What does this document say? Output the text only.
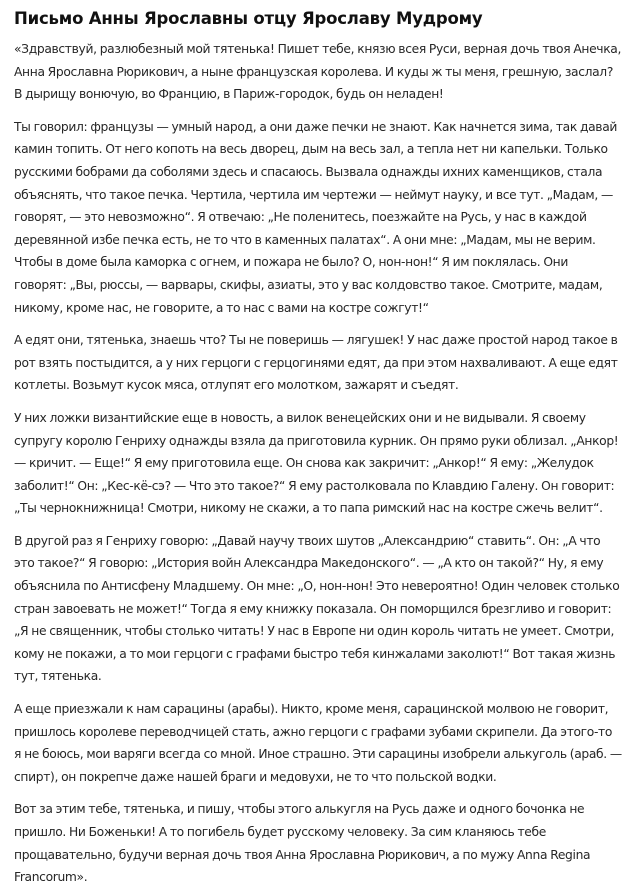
Письмо Анны Ярославны отцу Ярославу Мудрому

«Здравствуй, разлюбезный мой тятенька! Пишет тебе, князю всея Руси, верная дочь твоя Анечка, Анна Ярославна Рюрикович, а ныне французская королева. И куды ж ты меня, грешную, заслал? В дырищу вонючую, во Францию, в Париж-городок, будь он неладен!

Ты говорил: французы — умный народ, а они даже печки не знают. Как начнется зима, так давай камин топить. От него копоть на весь дворец, дым на весь зал, а тепла нет ни капельки. Только русскими бобрами да соболями здесь и спасаюсь. Вызвала однажды ихних каменщиков, стала объяснять, что такое печка. Чертила, чертила им чертежи — неймут науку, и все тут. „Мадам, — говорят, — это невозможно“. Я отвечаю: „Не поленитесь, поезжайте на Русь, у нас в каждой деревянной избе печка есть, не то что в каменных палатах“. А они мне: „Мадам, мы не верим. Чтобы в доме была каморка с огнем, и пожара не было? О, нон-нон!“ Я им поклялась. Они говорят: „Вы, рюссы, — варвары, скифы, азиаты, это у вас колдовство такое. Смотрите, мадам, никому, кроме нас, не говорите, а то нас с вами на костре сожгут!“

А едят они, тятенька, знаешь что? Ты не поверишь — лягушек! У нас даже простой народ такое в рот взять постыдится, а у них герцоги с герцогинями едят, да при этом нахваливают. А еще едят котлеты. Возьмут кусок мяса, отлупят его молотком, зажарят и съедят.

У них ложки византийские еще в новость, а вилок венецейских они и не видывали. Я своему супругу королю Генриху однажды взяла да приготовила курник. Он прямо руки облизал. „Анкор! — кричит. — Еще!“ Я ему приготовила еще. Он снова как закричит: „Анкор!“ Я ему: „Желудок заболит!“ Он: „Кес-кё-сэ? — Что это такое?“ Я ему растолковала по Клавдию Галену. Он говорит: „Ты чернокнижница! Смотри, никому не скажи, а то папа римский нас на костре сжечь велит“.

В другой раз я Генриху говорю: „Давай научу твоих шутов „Александрию“ ставить“. Он: „А что это такое?“ Я говорю: „История войн Александра Македонского“. — „А кто он такой?“ Ну, я ему объяснила по Антисфену Младшему. Он мне: „О, нон-нон! Это невероятно! Один человек столько стран завоевать не может!“ Тогда я ему книжку показала. Он поморщился брезгливо и говорит: „Я не священник, чтобы столько читать! У нас в Европе ни один король читать не умеет. Смотри, кому не покажи, а то мои герцоги с графами быстро тебя кинжалами заколют!“ Вот такая жизнь тут, тятенька.

А еще приезжали к нам сарацины (арабы). Никто, кроме меня, сарацинской молвою не говорит, пришлось королеве переводчицей стать, ажно герцоги с графами зубами скрипели. Да этого-то я не боюсь, мои варяги всегда со мной. Иное страшно. Эти сарацины изобрели алькуголь (араб. — спирт), он покрепче даже нашей браги и медовухи, не то что польской водки.

Вот за этим тебе, тятенька, и пишу, чтобы этого алькугля на Русь даже и одного бочонка не пришло. Ни Боженьки! А то погибель будет русскому человеку. За сим кланяюсь тебе прощавательно, будучи верная дочь твоя Анна Ярославна Рюрикович, а по мужу Anna Regina Francorum».
